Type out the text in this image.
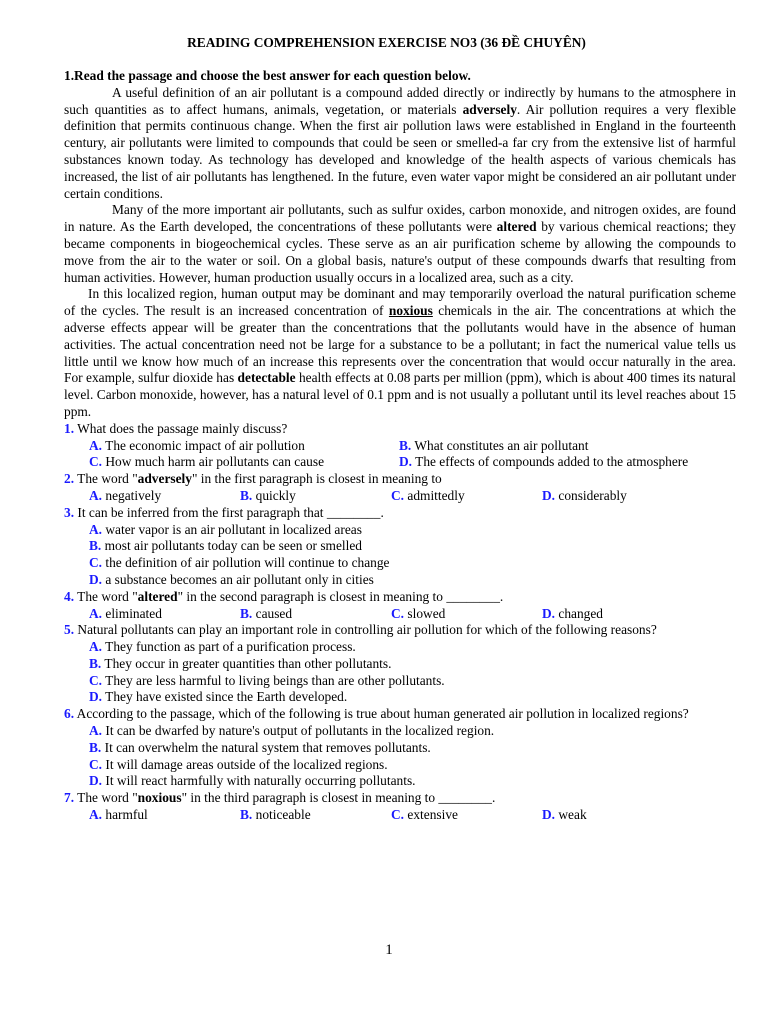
READING COMPREHENSION EXERCISE NO3 (36 ĐỀ CHUYÊN)
1.Read the passage and choose the best answer for each question below.

A useful definition of an air pollutant is a compound added directly or indirectly by humans to the atmosphere in such quantities as to affect humans, animals, vegetation, or materials adversely. Air pollution requires a very flexible definition that permits continuous change. When the first air pollution laws were established in England in the fourteenth century, air pollutants were limited to compounds that could be seen or smelled-a far cry from the extensive list of harmful substances known today. As technology has developed and knowledge of the health aspects of various chemicals has increased, the list of air pollutants has lengthened. In the future, even water vapor might be considered an air pollutant under certain conditions.

Many of the more important air pollutants, such as sulfur oxides, carbon monoxide, and nitrogen oxides, are found in nature. As the Earth developed, the concentrations of these pollutants were altered by various chemical reactions; they became components in biogeochemical cycles. These serve as an air purification scheme by allowing the compounds to move from the air to the water or soil. On a global basis, nature's output of these compounds dwarfs that resulting from human activities. However, human production usually occurs in a localized area, such as a city.

In this localized region, human output may be dominant and may temporarily overload the natural purification scheme of the cycles. The result is an increased concentration of noxious chemicals in the air. The concentrations at which the adverse effects appear will be greater than the concentrations that the pollutants would have in the absence of human activities. The actual concentration need not be large for a substance to be a pollutant; in fact the numerical value tells us little until we know how much of an increase this represents over the concentration that would occur naturally in the area. For example, sulfur dioxide has detectable health effects at 0.08 parts per million (ppm), which is about 400 times its natural level. Carbon monoxide, however, has a natural level of 0.1 ppm and is not usually a pollutant until its level reaches about 15 ppm.

1. What does the passage mainly discuss?
A. The economic impact of air pollution	B. What constitutes an air pollutant
C. How much harm air pollutants can cause	D. The effects of compounds added to the atmosphere
2. The word "adversely" in the first paragraph is closest in meaning to
A. negatively	B. quickly	C. admittedly	D. considerably
3. It can be inferred from the first paragraph that ________.
A. water vapor is an air pollutant in localized areas
B. most air pollutants today can be seen or smelled
C. the definition of air pollution will continue to change
D. a substance becomes an air pollutant only in cities
4. The word "altered" in the second paragraph is closest in meaning to ________.
A. eliminated	B. caused	C. slowed	D. changed
5. Natural pollutants can play an important role in controlling air pollution for which of the following reasons?
A. They function as part of a purification process.
B. They occur in greater quantities than other pollutants.
C. They are less harmful to living beings than are other pollutants.
D. They have existed since the Earth developed.
6. According to the passage, which of the following is true about human generated air pollution in localized regions?
A. It can be dwarfed by nature's output of pollutants in the localized region.
B. It can overwhelm the natural system that removes pollutants.
C. It will damage areas outside of the localized regions.
D. It will react harmfully with naturally occurring pollutants.
7. The word "noxious" in the third paragraph is closest in meaning to ________.
A. harmful	B. noticeable	C. extensive	D. weak
1
